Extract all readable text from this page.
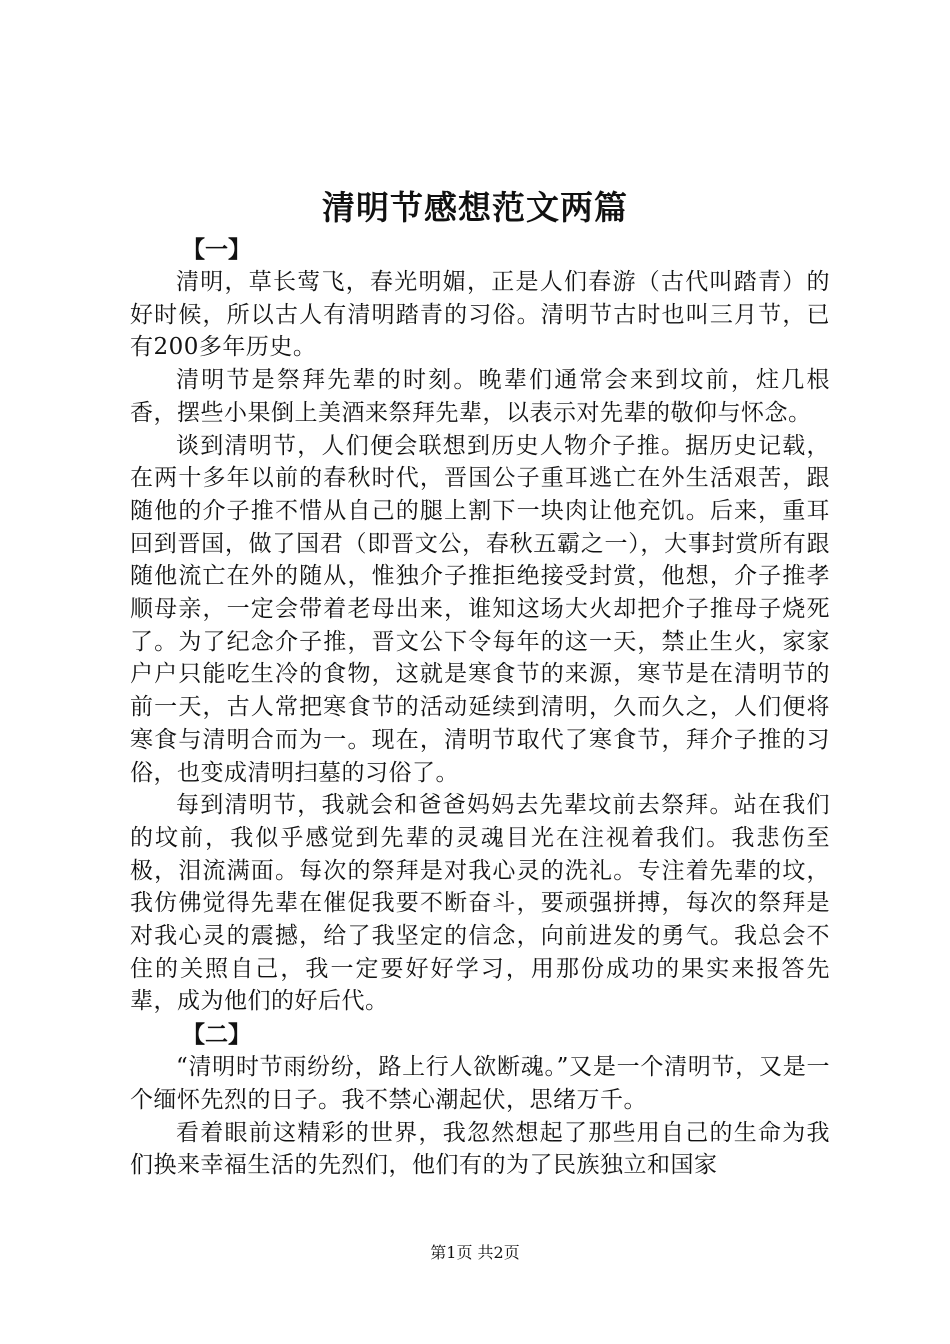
清明节感想范文两篇
【一】

清明，草长莺飞，春光明媚，正是人们春游（古代叫踏青）的好时候，所以古人有清明踏青的习俗。清明节古时也叫三月节，已有200多年历史。

清明节是祭拜先辈的时刻。晚辈们通常会来到坟前，炷几根香，摆些小果倒上美酒来祭拜先辈，以表示对先辈的敬仰与怀念。

谈到清明节，人们便会联想到历史人物介子推。据历史记载，在两十多年以前的春秋时代，晋国公子重耳逃亡在外生活艰苦，跟随他的介子推不惜从自己的腿上割下一块肉让他充饥。后来，重耳回到晋国，做了国君（即晋文公，春秋五霸之一），大事封赏所有跟随他流亡在外的随从，惟独介子推拒绝接受封赏，他想，介子推孝顺母亲，一定会带着老母出来，谁知这场大火却把介子推母子烧死了。为了纪念介子推，晋文公下令每年的这一天，禁止生火，家家户户只能吃生冷的食物，这就是寒食节的来源，寒节是在清明节的前一天，古人常把寒食节的活动延续到清明，久而久之，人们便将寒食与清明合而为一。现在，清明节取代了寒食节，拜介子推的习俗，也变成清明扫墓的习俗了。

每到清明节，我就会和爸爸妈妈去先辈坟前去祭拜。站在我们的坟前，我似乎感觉到先辈的灵魂目光在注视着我们。我悲伤至极，泪流满面。每次的祭拜是对我心灵的洗礼。专注着先辈的坟，我仿佛觉得先辈在催促我要不断奋斗，要顽强拼搏，每次的祭拜是对我心灵的震撼，给了我坚定的信念，向前进发的勇气。我总会不住的关照自己，我一定要好好学习，用那份成功的果实来报答先辈，成为他们的好后代。

【二】

“清明时节雨纷纷，路上行人欲断魂。”又是一个清明节，又是一个缅怀先烈的日子。我不禁心潮起伏，思绪万千。

看着眼前这精彩的世界，我忽然想起了那些用自己的生命为我们换来幸福生活的先烈们，他们有的为了民族独立和国家

第1页 共2页
